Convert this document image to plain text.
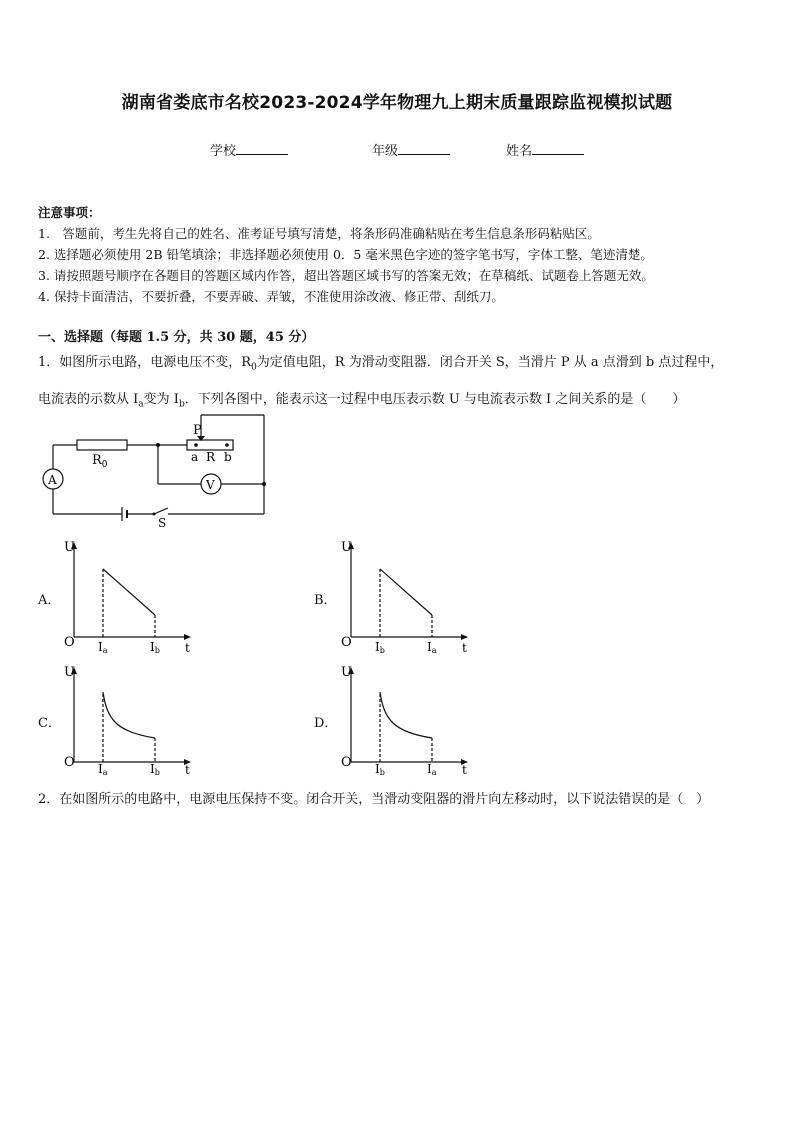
湖南省娄底市名校2023-2024学年物理九上期末质量跟踪监视模拟试题
学校	年级	姓名
注意事项：
1.　答题前，考生先将自己的姓名、准考证号填写清楚，将条形码准确粘贴在考生信息条形码粘贴区。
2. 选择题必须使用 2B 铅笔填涂；非选择题必须使用 0．5 毫米黑色字迹的签字笔书写，字体工整、笔迹清楚。
3. 请按照题号顺序在各题目的答题区域内作答，超出答题区域书写的答案无效；在草稿纸、试题卷上答题无效。
4. 保持卡面清洁，不要折叠，不要弄破、弄皱，不准使用涂改液、修正带、刮纸刀。
一、选择题（每题 1.5 分，共 30 题，45 分）
1．如图所示电路，电源电压不变，$R_0$为定值电阻，R 为滑动变阻器．闭合开关 S，当滑片 P 从 a 点滑到 b 点过程中，
电流表的示数从 $I_a$变为 $I_b$．下列各图中，能表示这一过程中电压表示数 U 与电流表示数 I 之间关系的是（　　）
$R_0$
P
a R b
A	V
S
A．	B．
C．	D．
U
t
O Ia	Ib
U
t
O Ib	Ia
U
t
O Ia	Ib
U
t
O Ib	Ia
2．在如图所示的电路中，电源电压保持不变。闭合开关，当滑动变阻器的滑片向左移动时，以下说法错误的是（　）
